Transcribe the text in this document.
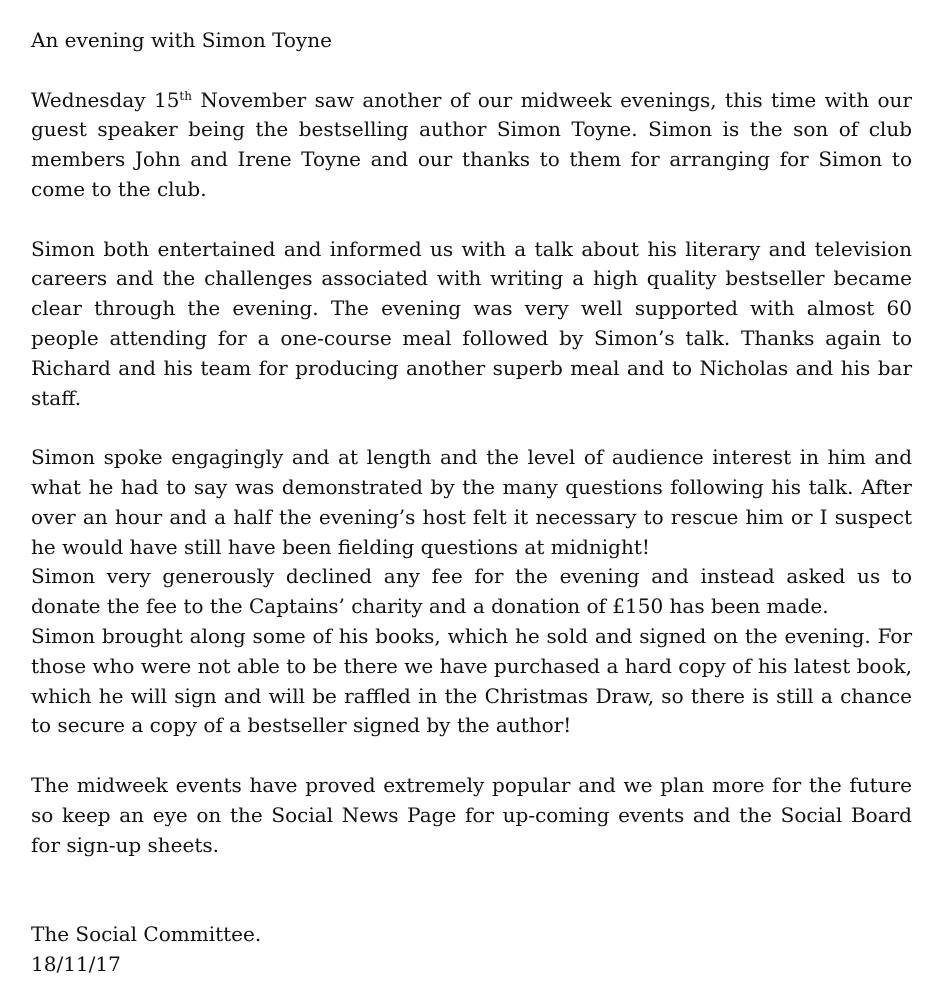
An evening with Simon Toyne

Wednesday 15th November saw another of our midweek evenings, this time with our guest speaker being the bestselling author Simon Toyne. Simon is the son of club members John and Irene Toyne and our thanks to them for arranging for Simon to come to the club.

Simon both entertained and informed us with a talk about his literary and television careers and the challenges associated with writing a high quality bestseller became clear through the evening. The evening was very well supported with almost 60 people attending for a one-course meal followed by Simon’s talk. Thanks again to Richard and his team for producing another superb meal and to Nicholas and his bar staff.

Simon spoke engagingly and at length and the level of audience interest in him and what he had to say was demonstrated by the many questions following his talk. After over an hour and a half the evening’s host felt it necessary to rescue him or I suspect he would have still have been fielding questions at midnight!

Simon very generously declined any fee for the evening and instead asked us to donate the fee to the Captains’ charity and a donation of £150 has been made.

Simon brought along some of his books, which he sold and signed on the evening. For those who were not able to be there we have purchased a hard copy of his latest book, which he will sign and will be raffled in the Christmas Draw, so there is still a chance to secure a copy of a bestseller signed by the author!

The midweek events have proved extremely popular and we plan more for the future so keep an eye on the Social News Page for up-coming events and the Social Board for sign-up sheets.

The Social Committee.

18/11/17
